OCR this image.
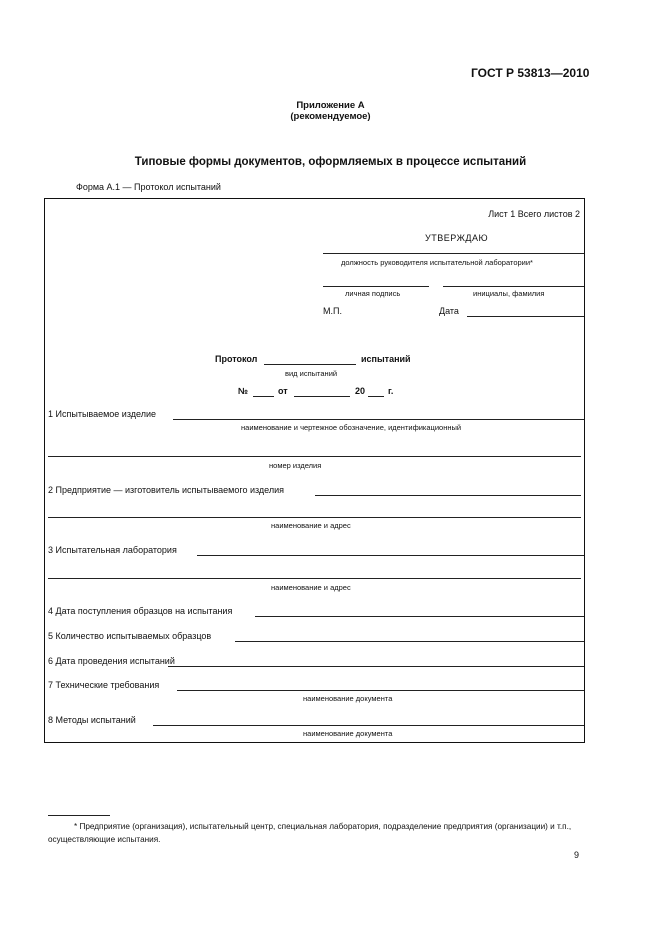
ГОСТ Р 53813—2010
Приложение А
(рекомендуемое)
Типовые формы документов, оформляемых в процессе испытаний
Форма А.1 — Протокол испытаний
Лист 1 Всего листов 2
УТВЕРЖДАЮ
должность руководителя испытательной лаборатории*
личная подпись	инициалы, фамилия
М.П.	Дата
Протокол	испытаний
вид испытаний
№	от	20	г.
1 Испытываемое изделие
наименование и чертежное обозначение, идентификационный
номер изделия
2 Предприятие — изготовитель испытываемого изделия
наименование и адрес
3 Испытательная лаборатория
наименование и адрес
4 Дата поступления образцов на испытания
5 Количество испытываемых образцов
6 Дата проведения испытаний
7 Технические требования
наименование документа
8 Методы испытаний
наименование документа
* Предприятие (организация), испытательный центр, специальная лаборатория, подразделение предприятия (организации) и т.п., осуществляющие испытания.
9
